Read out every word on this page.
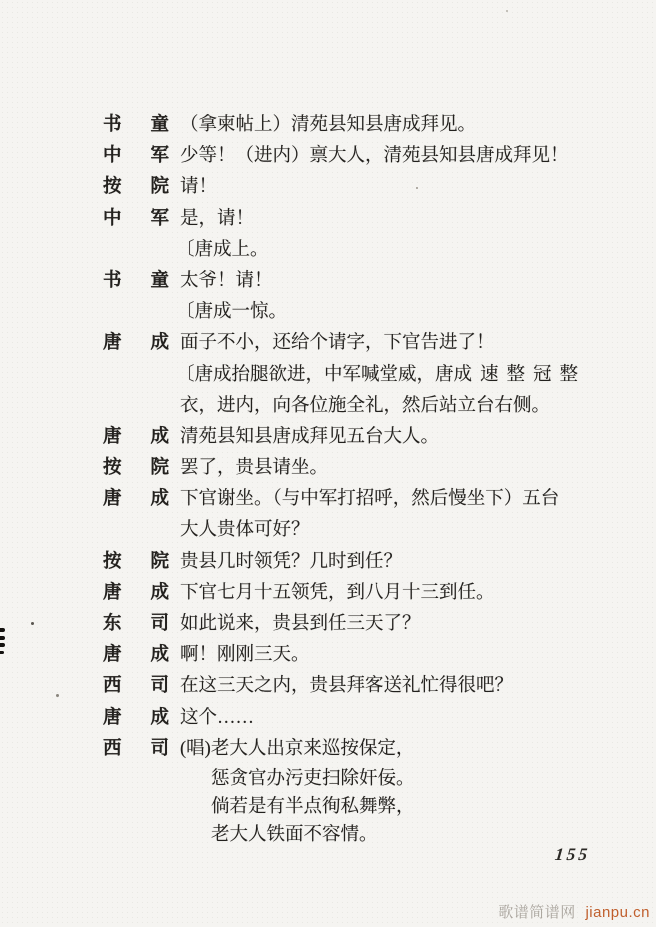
书 童 （拿柬帖上）清苑县知县唐成拜见。
中 军 少等！（进内）禀大人，清苑县知县唐成拜见！
按 院 请！
中 军 是，请！
〔唐成上。
书 童 太爷！请！
〔唐成一惊。
唐 成 面子不小，还给个请字，下官告进了！
〔唐成抬腿欲进，中军喊堂威，唐成 速整冠整
衣，进内，向各位施全礼，然后站立台右侧。
唐 成 清苑县知县唐成拜见五台大人。
按 院 罢了，贵县请坐。
唐 成 下官谢坐。（与中军打招呼，然后慢坐下）五台
大人贵体可好？
按 院 贵县几时领凭？几时到任？
唐 成 下官七月十五领凭，到八月十三到任。
东 司 如此说来，贵县到任三天了？
唐 成 啊！刚刚三天。
西 司 在这三天之内，贵县拜客送礼忙得很吧？
唐 成 这个……
西 司 (唱)老大人出京来巡按保定，
惩贪官办污吏扫除奸佞。
倘若是有半点徇私舞弊，
老大人铁面不容情。
155
歌谱简谱网 jianpu.cn
